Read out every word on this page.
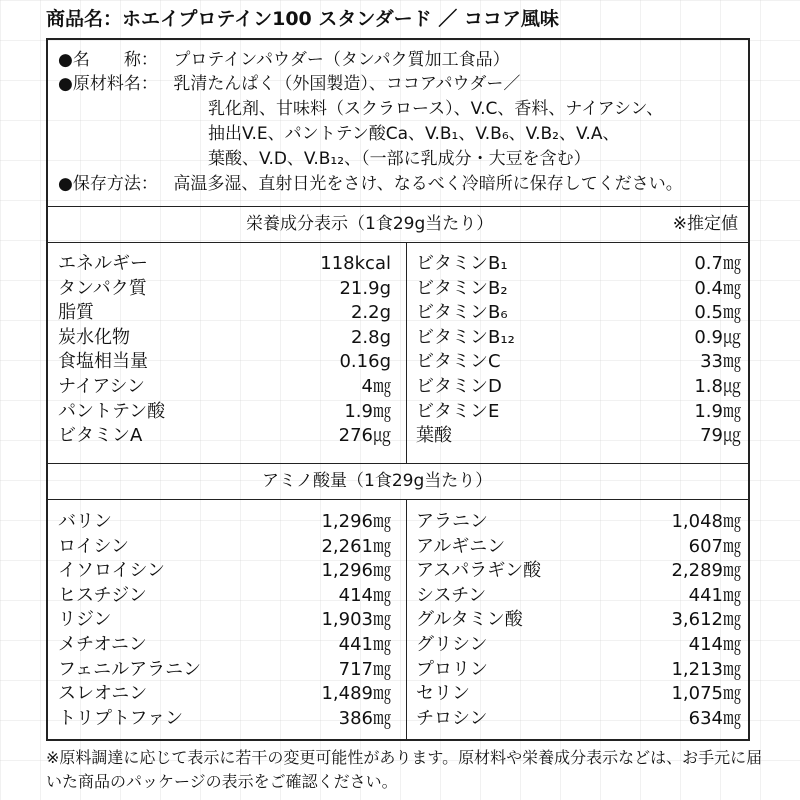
商品名：ホエイプロテイン100 スタンダード ／ ココア風味
●名　　称： プロテインパウダー（タンパク質加工食品）
●原材料名： 乳清たんぱく（外国製造）、ココアパウダー／
乳化剤、甘味料（スクラロース）、V.C、香料、ナイアシン、
抽出V.E、パントテン酸Ca、V.B₁、V.B₆、V.B₂、V.A、
葉酸、V.D、V.B₁₂、（一部に乳成分・大豆を含む）
●保存方法： 高温多湿、直射日光をさけ、なるべく冷暗所に保存してください。
栄養成分表示（1食29g当たり）	※推定値
エネルギー	118kcal
タンパク質	21.9g
脂質	2.2g
炭水化物	2.8g
食塩相当量	0.16g
ナイアシン	4㎎
パントテン酸	1.9㎎
ビタミンA	276㎍
ビタミンB₁	0.7㎎
ビタミンB₂	0.4㎎
ビタミンB₆	0.5㎎
ビタミンB₁₂	0.9㎍
ビタミンC	33㎎
ビタミンD	1.8㎍
ビタミンE	1.9㎎
葉酸	79㎍
アミノ酸量（1食29g当たり）
バリン	1,296㎎
ロイシン	2,261㎎
イソロイシン	1,296㎎
ヒスチジン	414㎎
リジン	1,903㎎
メチオニン	441㎎
フェニルアラニン	717㎎
スレオニン	1,489㎎
トリプトファン	386㎎
アラニン	1,048㎎
アルギニン	607㎎
アスパラギン酸	2,289㎎
シスチン	441㎎
グルタミン酸	3,612㎎
グリシン	414㎎
プロリン	1,213㎎
セリン	1,075㎎
チロシン	634㎎
※原料調達に応じて表示に若干の変更可能性があります。原材料や栄養成分表示などは、お手元に届いた商品のパッケージの表示をご確認ください。
